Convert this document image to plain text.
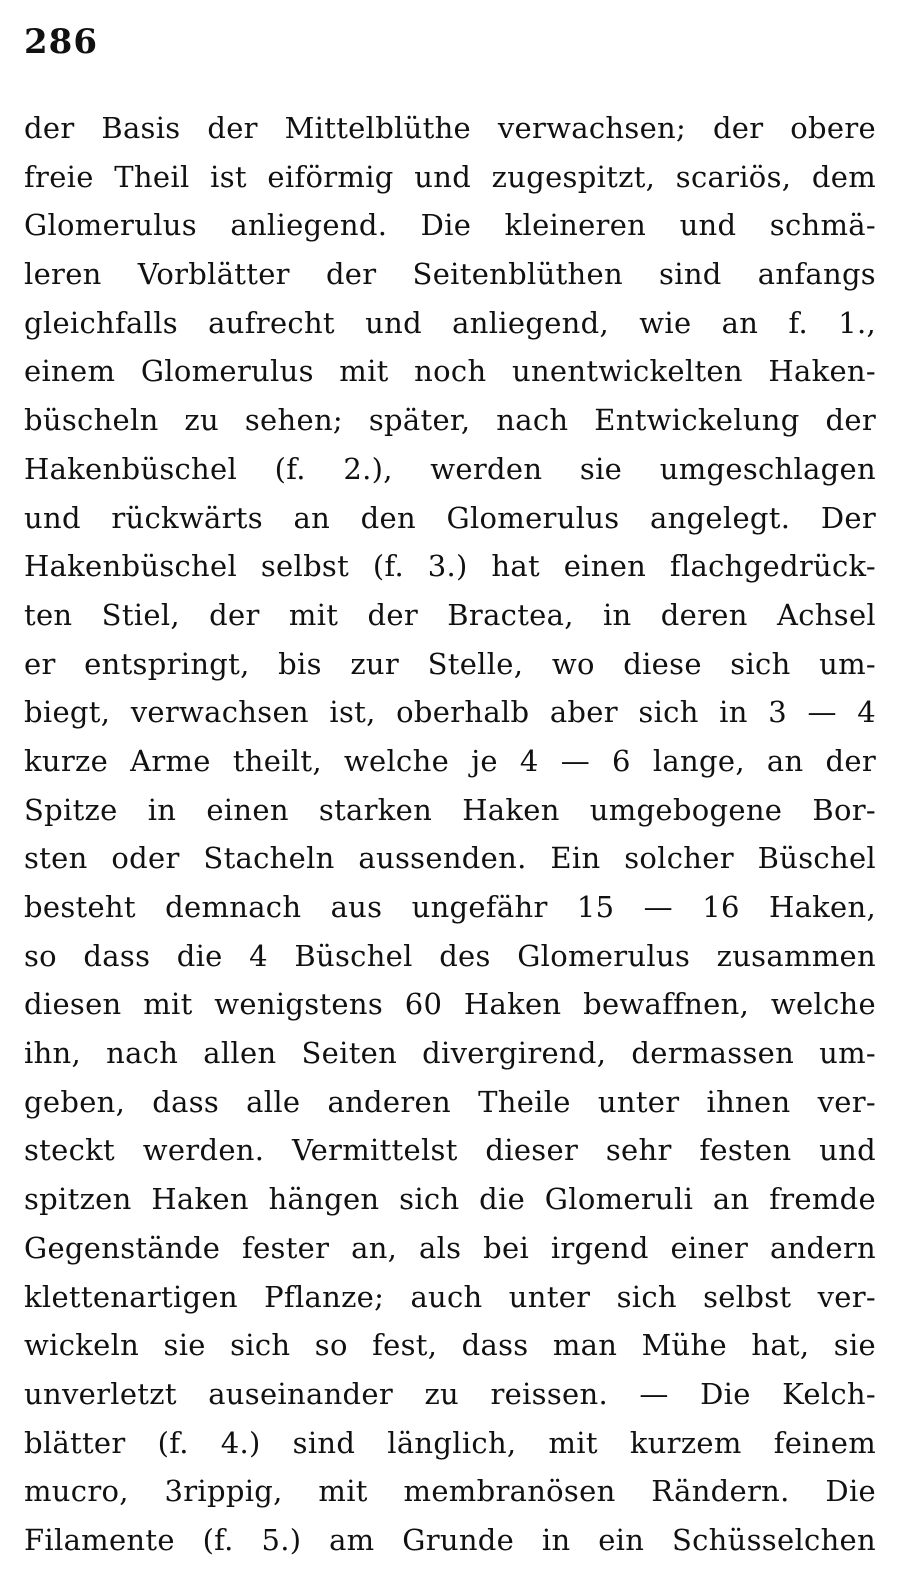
286
der Basis der Mittelblüthe verwachsen; der obere
freie Theil ist eiförmig und zugespitzt, scariös, dem
Glomerulus anliegend. Die kleineren und schmä-
leren Vorblätter der Seitenblüthen sind anfangs
gleichfalls aufrecht und anliegend, wie an f. 1.,
einem Glomerulus mit noch unentwickelten Haken-
büscheln zu sehen; später, nach Entwickelung der
Hakenbüschel (f. 2.), werden sie umgeschlagen
und rückwärts an den Glomerulus angelegt. Der
Hakenbüschel selbst (f. 3.) hat einen flachgedrück-
ten Stiel, der mit der Bractea, in deren Achsel
er entspringt, bis zur Stelle, wo diese sich um-
biegt, verwachsen ist, oberhalb aber sich in 3 — 4
kurze Arme theilt, welche je 4 — 6 lange, an der
Spitze in einen starken Haken umgebogene Bor-
sten oder Stacheln aussenden. Ein solcher Büschel
besteht demnach aus ungefähr 15 — 16 Haken,
so dass die 4 Büschel des Glomerulus zusammen
diesen mit wenigstens 60 Haken bewaffnen, welche
ihn, nach allen Seiten divergirend, dermassen um-
geben, dass alle anderen Theile unter ihnen ver-
steckt werden. Vermittelst dieser sehr festen und
spitzen Haken hängen sich die Glomeruli an fremde
Gegenstände fester an, als bei irgend einer andern
klettenartigen Pflanze; auch unter sich selbst ver-
wickeln sie sich so fest, dass man Mühe hat, sie
unverletzt auseinander zu reissen. — Die Kelch-
blätter (f. 4.) sind länglich, mit kurzem feinem
mucro, 3rippig, mit membranösen Rändern. Die
Filamente (f. 5.) am Grunde in ein Schüsselchen
